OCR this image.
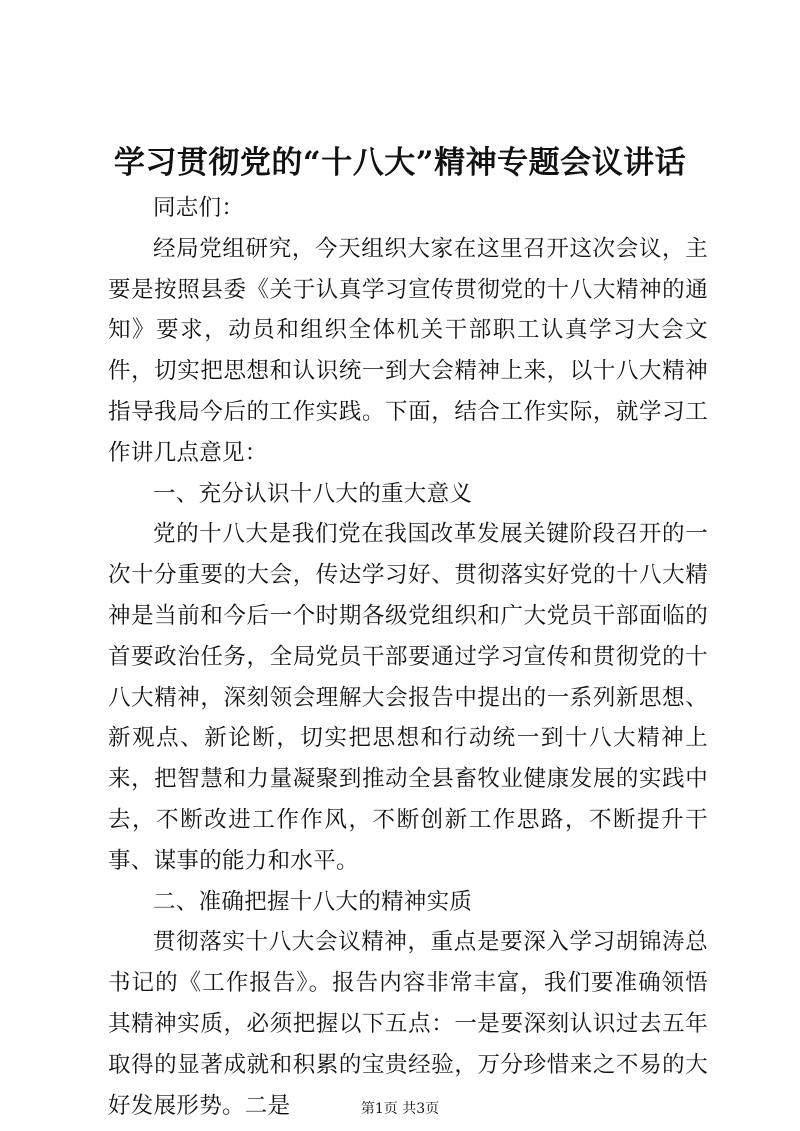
学习贯彻党的“十八大”精神专题会议讲话

同志们：

经局党组研究，今天组织大家在这里召开这次会议，主要是按照县委《关于认真学习宣传贯彻党的十八大精神的通知》要求，动员和组织全体机关干部职工认真学习大会文件，切实把思想和认识统一到大会精神上来，以十八大精神指导我局今后的工作实践。下面，结合工作实际，就学习工作讲几点意见：

一、充分认识十八大的重大意义

党的十八大是我们党在我国改革发展关键阶段召开的一次十分重要的大会，传达学习好、贯彻落实好党的十八大精神是当前和今后一个时期各级党组织和广大党员干部面临的首要政治任务，全局党员干部要通过学习宣传和贯彻党的十八大精神，深刻领会理解大会报告中提出的一系列新思想、新观点、新论断，切实把思想和行动统一到十八大精神上来，把智慧和力量凝聚到推动全县畜牧业健康发展的实践中去，不断改进工作作风，不断创新工作思路，不断提升干事、谋事的能力和水平。

二、准确把握十八大的精神实质

贯彻落实十八大会议精神，重点是要深入学习胡锦涛总书记的《工作报告》。报告内容非常丰富，我们要准确领悟其精神实质，必须把握以下五点：一是要深刻认识过去五年取得的显著成就和积累的宝贵经验，万分珍惜来之不易的大好发展形势。二是	第1页 共3页
